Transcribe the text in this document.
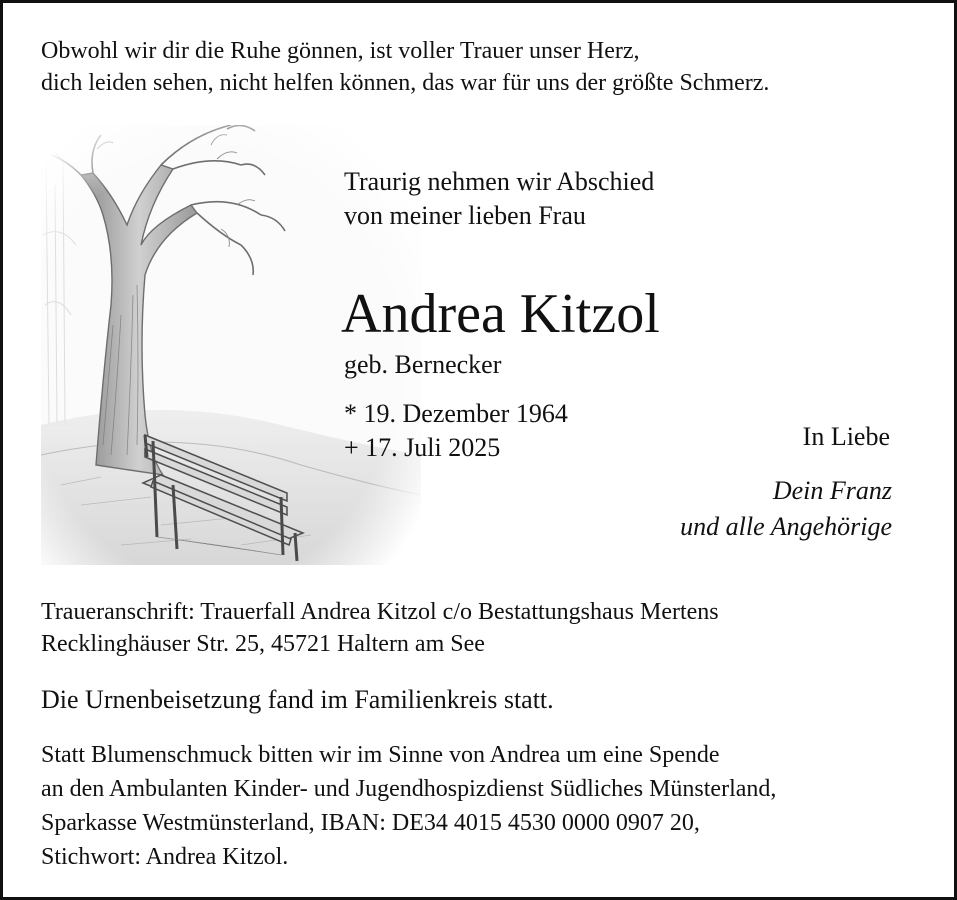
Obwohl wir dir die Ruhe gönnen, ist voller Trauer unser Herz,
dich leiden sehen, nicht helfen können, das war für uns der größte Schmerz.
Traurig nehmen wir Abschied
von meiner lieben Frau
Andrea Kitzol
geb. Bernecker
* 19. Dezember 1964
+ 17. Juli 2025	In Liebe
Dein Franz
und alle Angehörige
Traueranschrift: Trauerfall Andrea Kitzol c/o Bestattungshaus Mertens
Recklinghäuser Str. 25, 45721 Haltern am See
Die Urnenbeisetzung fand im Familienkreis statt.
Statt Blumenschmuck bitten wir im Sinne von Andrea um eine Spende
an den Ambulanten Kinder- und Jugendhospizdienst Südliches Münsterland,
Sparkasse Westmünsterland, IBAN: DE34 4015 4530 0000 0907 20,
Stichwort: Andrea Kitzol.
